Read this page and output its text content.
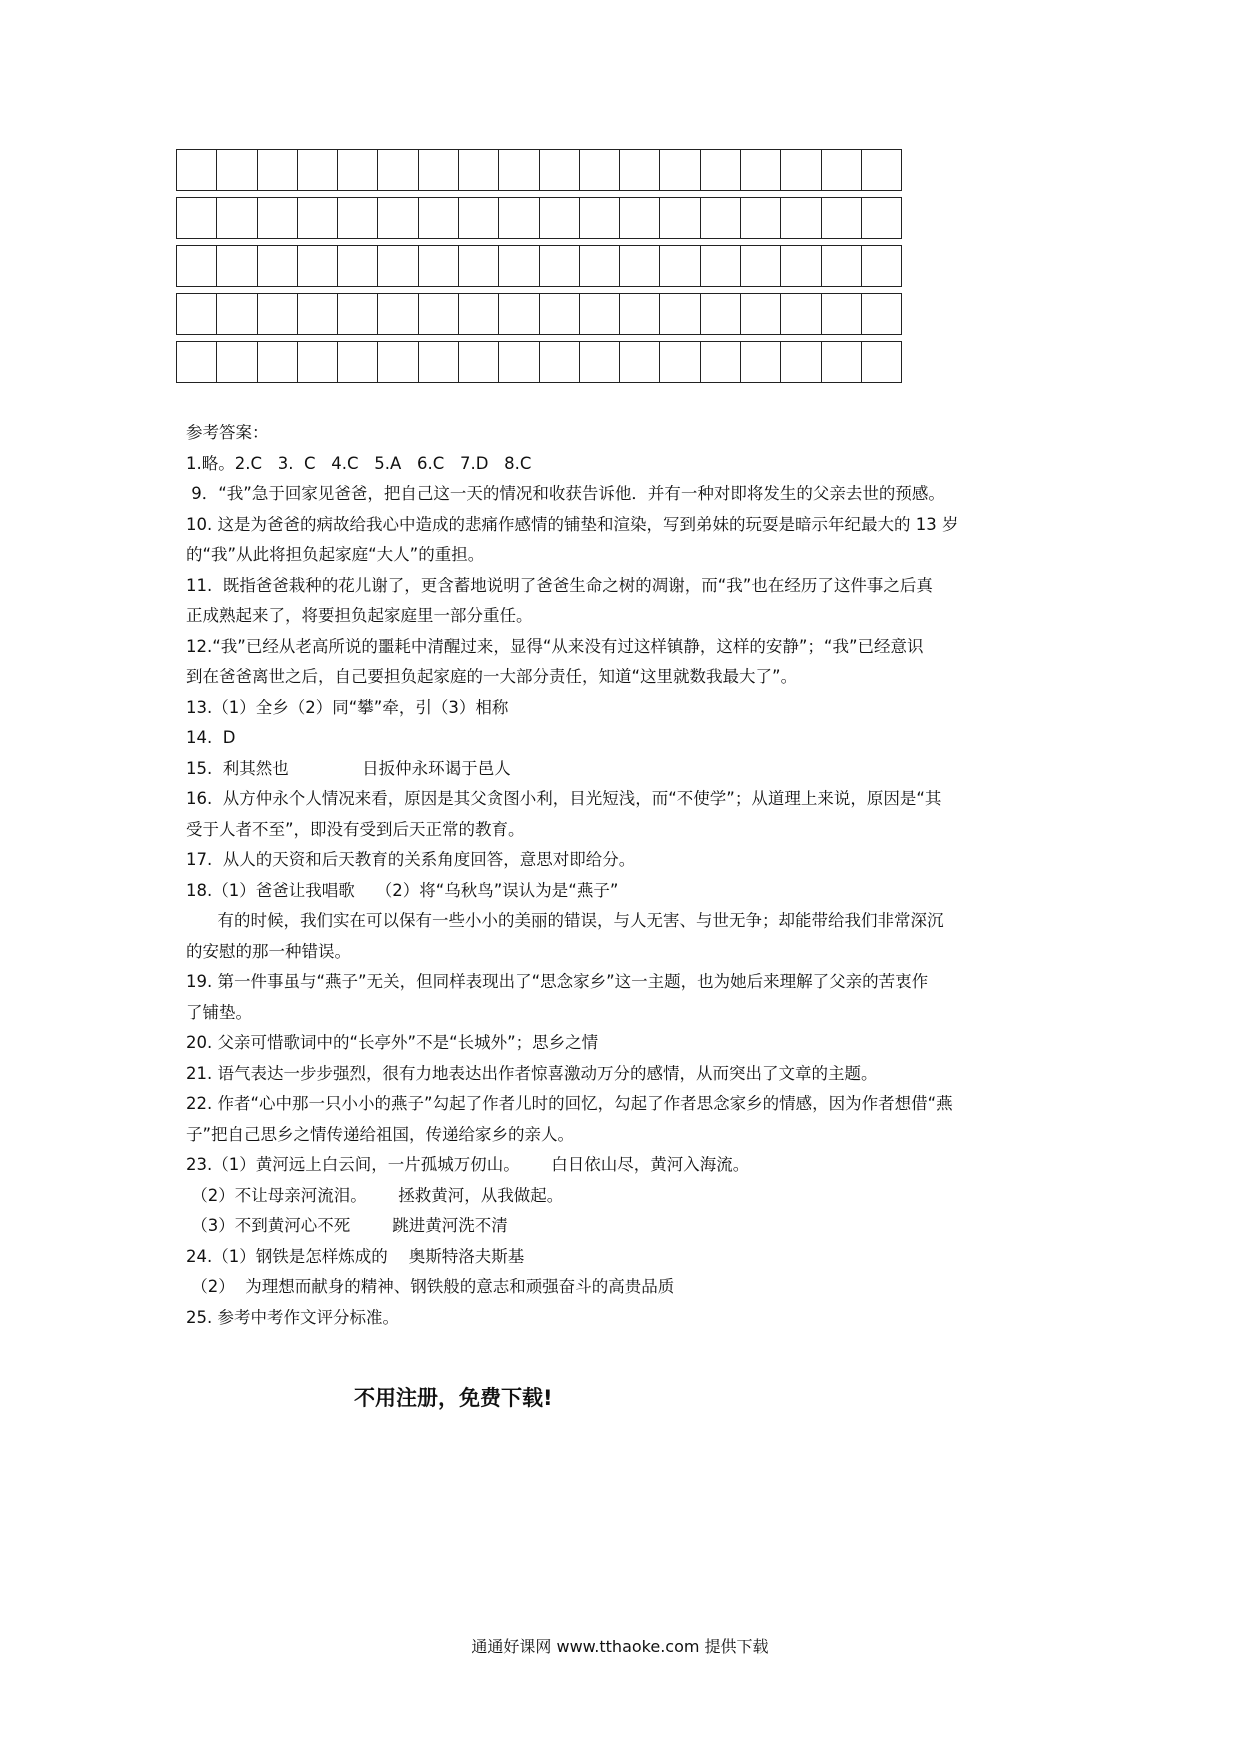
参考答案：
1.略。2.C   3.  C   4.C   5.A   6.C   7.D   8.C
9．“我”急于回家见爸爸，把自己这一天的情况和收获告诉他．并有一种对即将发生的父亲去世的预感。
10. 这是为爸爸的病故给我心中造成的悲痛作感情的铺垫和渲染，写到弟妹的玩耍是暗示年纪最大的 13 岁
的“我”从此将担负起家庭“大人”的重担。
11.  既指爸爸栽种的花儿谢了，更含蓄地说明了爸爸生命之树的凋谢，而“我”也在经历了这件事之后真
正成熟起来了，将要担负起家庭里一部分重任。
12.“我”已经从老高所说的噩耗中清醒过来，显得“从来没有过这样镇静，这样的安静”；“我”已经意识
到在爸爸离世之后，自己要担负起家庭的一大部分责任，知道“这里就数我最大了”。
13.（1）全乡（2）同“攀”牵，引（3）相称
14.  D
15.  利其然也              日扳仲永环谒于邑人
16.  从方仲永个人情况来看，原因是其父贪图小利，目光短浅，而“不使学”；从道理上来说，原因是“其
受于人者不至”，即没有受到后天正常的教育。
17.  从人的天资和后天教育的关系角度回答，意思对即给分。
18.（1）爸爸让我唱歌    （2）将“乌秋鸟”误认为是“燕子”
有的时候，我们实在可以保有一些小小的美丽的错误，与人无害、与世无争；却能带给我们非常深沉
的安慰的那一种错误。
19. 第一件事虽与“燕子”无关，但同样表现出了“思念家乡”这一主题，也为她后来理解了父亲的苦衷作
了铺垫。
20. 父亲可惜歌词中的“长亭外”不是“长城外”；思乡之情
21. 语气表达一步步强烈，很有力地表达出作者惊喜激动万分的感情，从而突出了文章的主题。
22. 作者“心中那一只小小的燕子”勾起了作者儿时的回忆，勾起了作者思念家乡的情感，因为作者想借“燕
子”把自己思乡之情传递给祖国，传递给家乡的亲人。
23.（1）黄河远上白云间，一片孤城万仞山。      白日依山尽，黄河入海流。
（2）不让母亲河流泪。      拯救黄河，从我做起。
（3）不到黄河心不死        跳进黄河洗不清
24.（1）钢铁是怎样炼成的    奥斯特洛夫斯基
（2）  为理想而献身的精神、钢铁般的意志和顽强奋斗的高贵品质
25. 参考中考作文评分标准。
不用注册，免费下载!
通通好课网 www.tthaoke.com 提供下载
